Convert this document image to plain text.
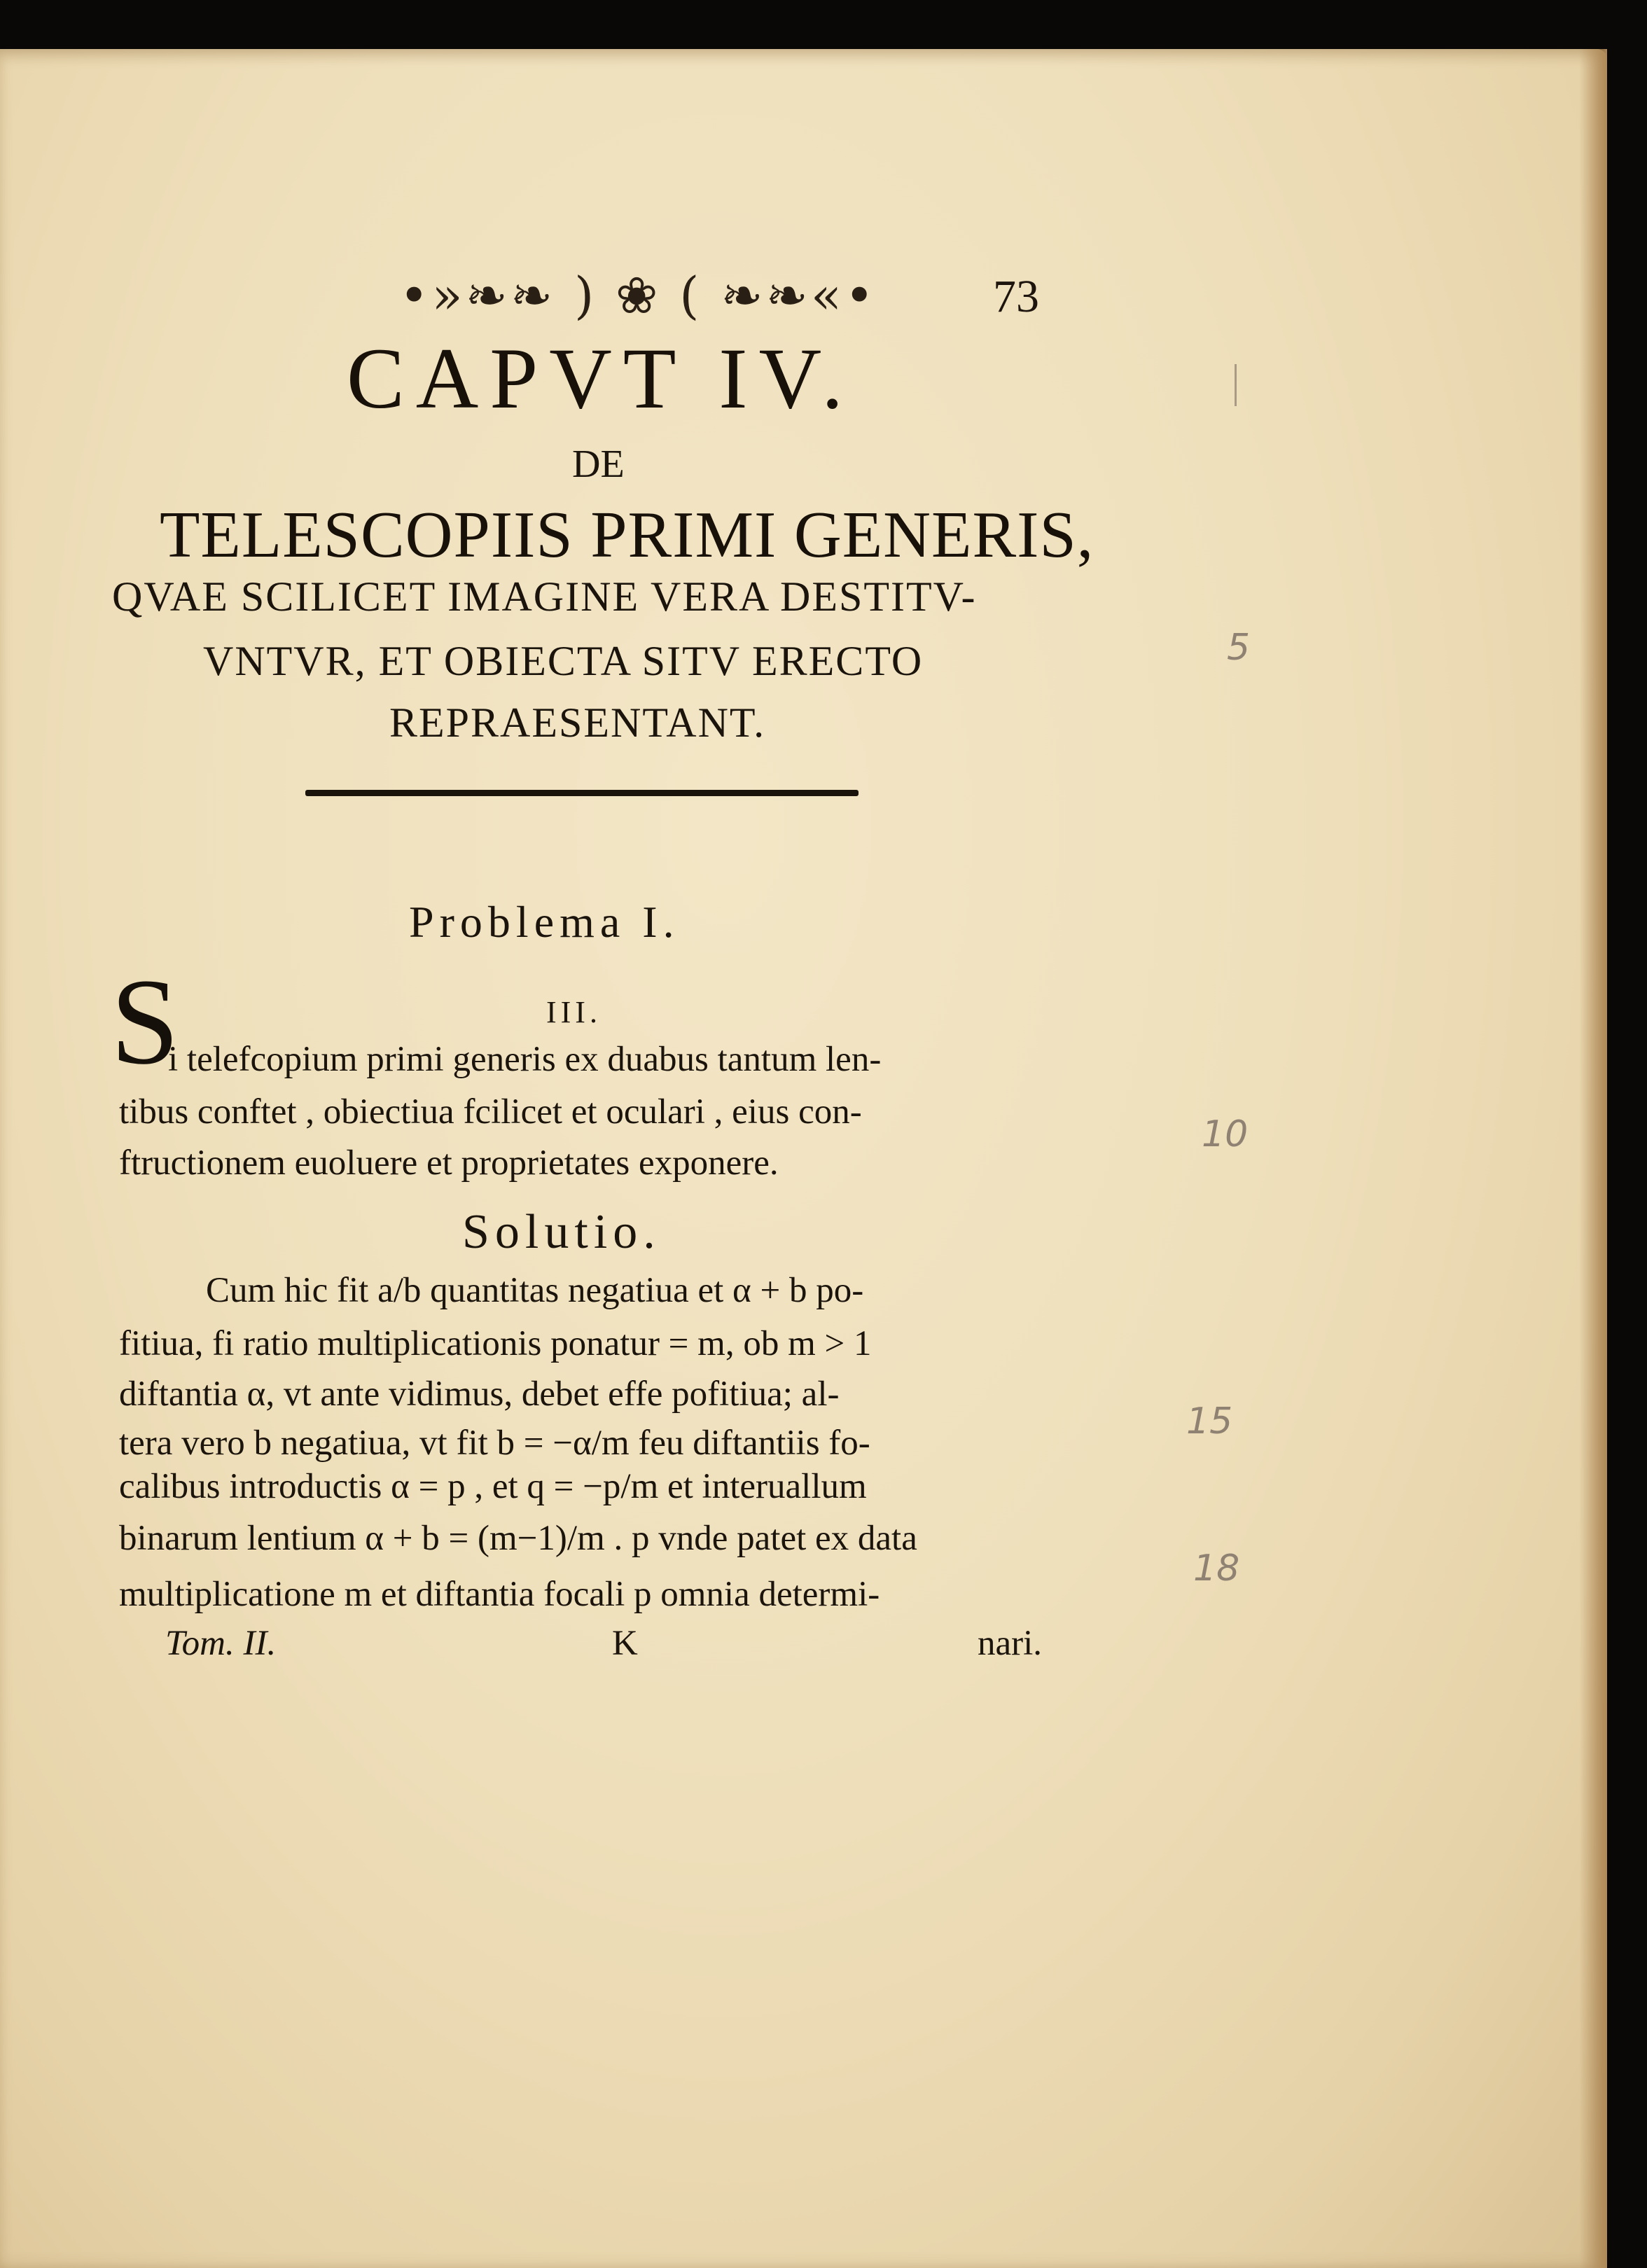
•»❧❧ ) ❀ ( ❧❧«•	73
CAPVT IV.
DE
TELESCOPIIS PRIMI GENERIS,
QVAE SCILICET IMAGINE VERA DESTITV-
VNTVR, ET OBIECTA SITV ERECTO
REPRAESENTANT.
Problema I.
S	III.
i telefcopium primi generis ex duabus tantum len-
tibus conftet , obiectiua fcilicet et oculari , eius con-
ftructionem euoluere et proprietates exponere.
Solutio.
Cum hic fit a/b quantitas negatiua et α + b po-
fitiua, fi ratio multiplicationis ponatur = m, ob m > 1
diftantia α, vt ante vidimus, debet effe pofitiua; al-
tera vero b negatiua, vt fit b = −α/m feu diftantiis fo-
calibus introductis α = p , et q = −p/m et interuallum
binarum lentium α + b = (m−1)/m . p vnde patet ex data
multiplicatione m et diftantia focali p omnia determi-
Tom. II.	K	nari.
5
10
15
18
